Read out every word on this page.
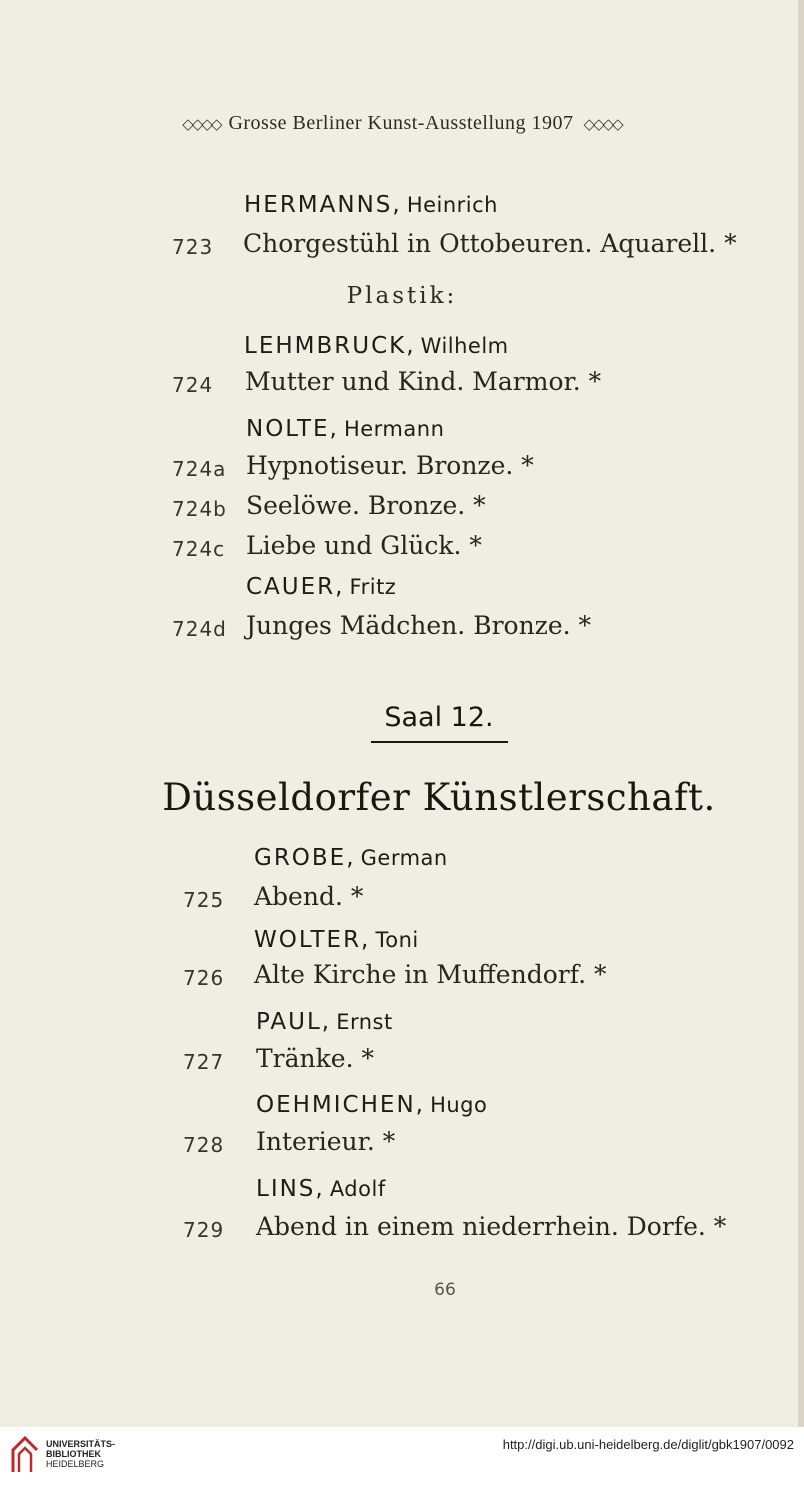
◇◇◇◇ Grosse Berliner Kunst-Ausstellung 1907 ◇◇◇◇
HERMANNS, Heinrich
723 Chorgestühl in Ottobeuren. Aquarell. *
Plastik:
LEHMBRUCK, Wilhelm
724 Mutter und Kind. Marmor. *
NOLTE, Hermann
724a Hypnotiseur. Bronze. *
724b Seelöwe. Bronze. *
724c Liebe und Glück. *
CAUER, Fritz
724d Junges Mädchen. Bronze. *
Saal 12.
Düsseldorfer Künstlerschaft.
GROBE, German
725 Abend. *
WOLTER, Toni
726 Alte Kirche in Muffendorf. *
PAUL, Ernst
727 Tränke. *
OEHMICHEN, Hugo
728 Interieur. *
LINS, Adolf
729 Abend in einem niederrhein. Dorfe. *
66
UNIVERSITÄTS-
BIBLIOTHEK
HEIDELBERG
http://digi.ub.uni-heidelberg.de/diglit/gbk1907/0092
